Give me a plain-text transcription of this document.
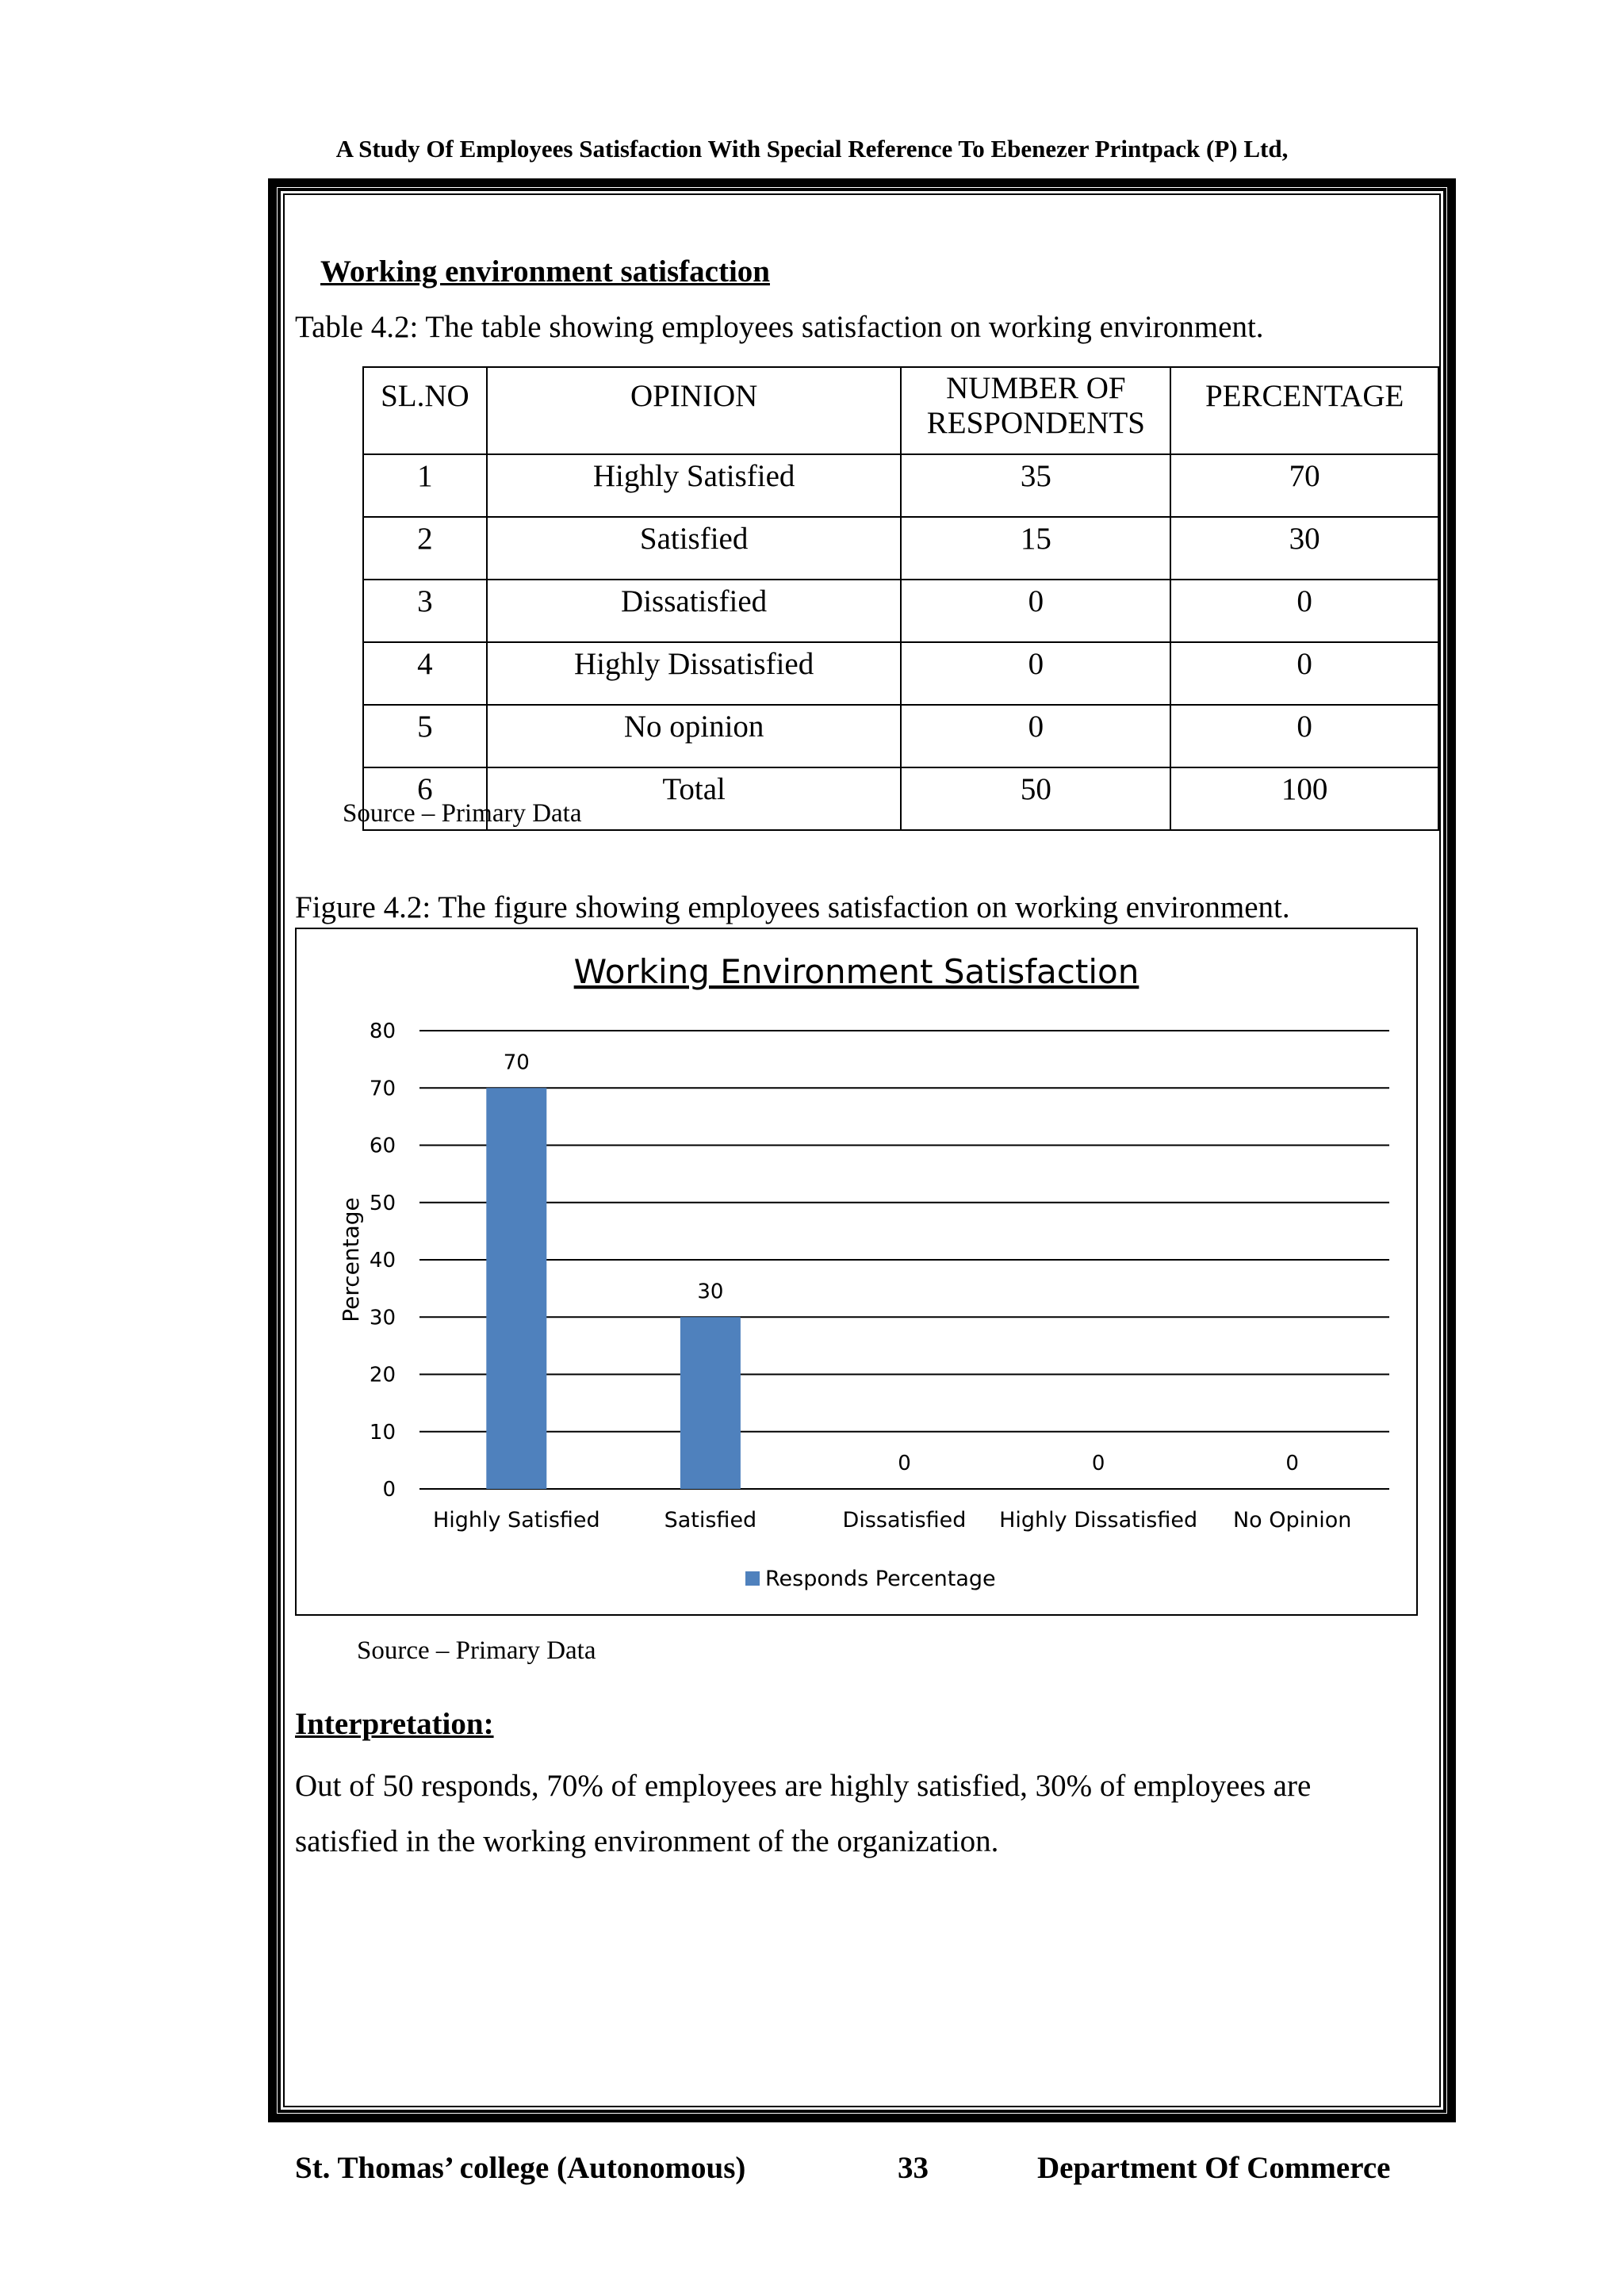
A Study Of Employees Satisfaction With Special Reference To Ebenezer Printpack (P) Ltd,
Working environment satisfaction
Table 4.2: The table showing employees satisfaction on working environment.
SL.NO	OPINION	NUMBER OF RESPONDENTS	PERCENTAGE
1	Highly Satisfied	35	70
2	Satisfied	15	30
3	Dissatisfied	0	0
4	Highly Dissatisfied	0	0
5	No opinion	0	0
6	Total	50	100
Source – Primary Data
Figure 4.2: The figure showing employees satisfaction on working environment.
Working Environment Satisfaction
0
10
20
30
40
50
60
70
80
Percentage
70
Highly Satisfied
30
Satisfied
0
Dissatisfied
0
Highly Dissatisfied
0
No Opinion
Responds Percentage
Source – Primary Data
Interpretation:
Out of 50 responds, 70% of employees are highly satisfied, 30% of employees are satisfied in the working environment of the organization.
St. Thomas’ college (Autonomous)	33	Department Of Commerce
